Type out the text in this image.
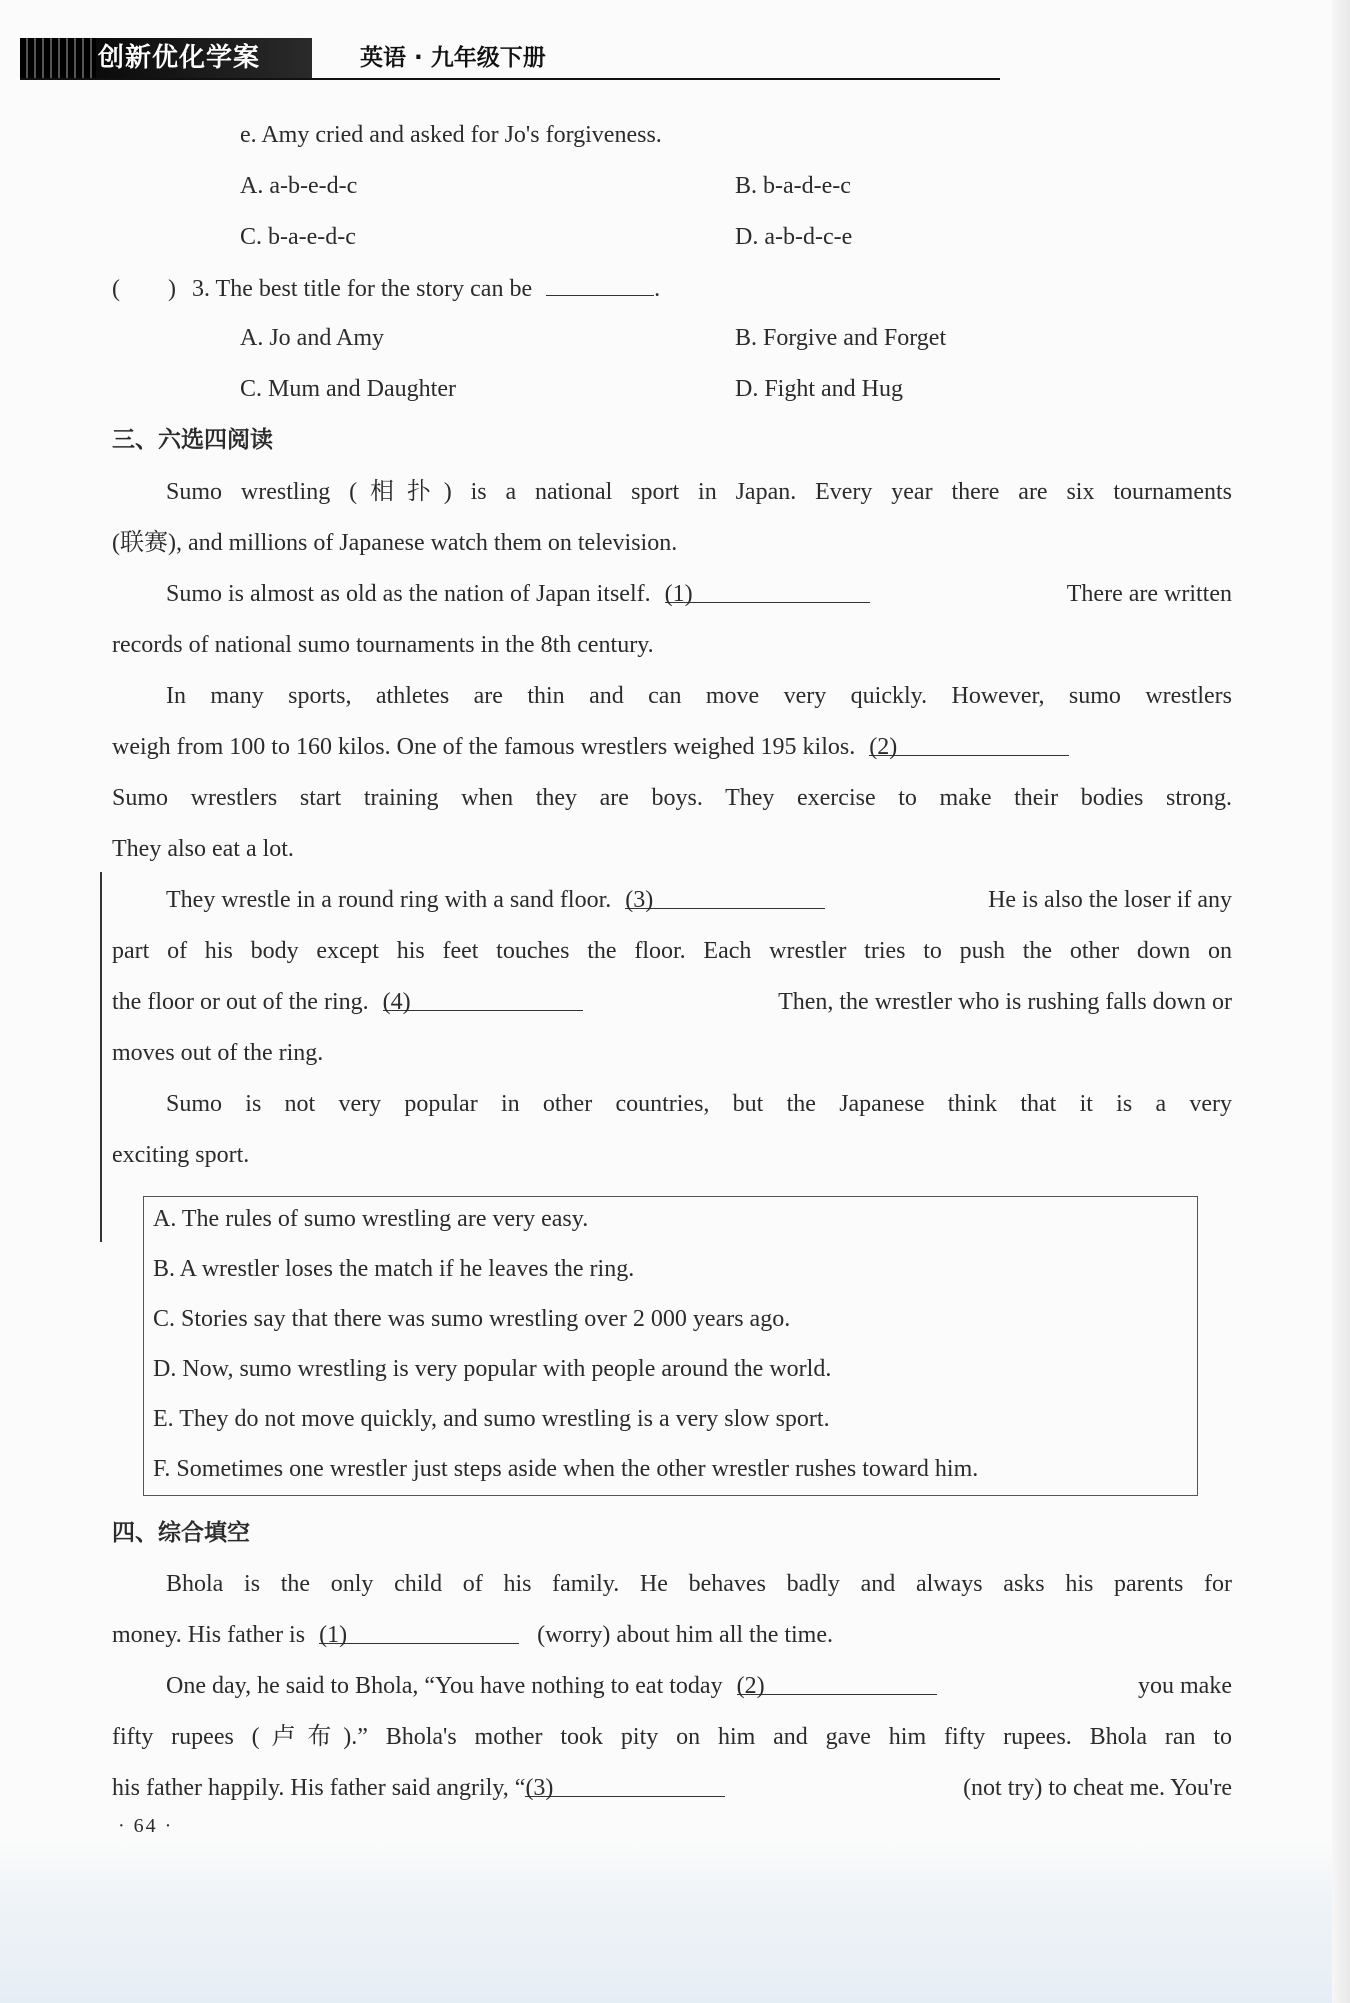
创新优化学案	英语 · 九年级下册
e. Amy cried and asked for Jo's forgiveness.
A. a-b-e-d-c	B. b-a-d-e-c
C. b-a-e-d-c	D. a-b-d-c-e
(　　) 3. The best title for the story can be	.
A. Jo and Amy	B. Forgive and Forget
C. Mum and Daughter	D. Fight and Hug
三、六选四阅读
Sumo wrestling (相扑) is a national sport in Japan. Every year there are six tournaments
(联赛), and millions of Japanese watch them on television.
Sumo is almost as old as the nation of Japan itself. (1)	There are written
records of national sumo tournaments in the 8th century.
In many sports, athletes are thin and can move very quickly. However, sumo wrestlers
weigh from 100 to 160 kilos. One of the famous wrestlers weighed 195 kilos. (2)
Sumo wrestlers start training when they are boys. They exercise to make their bodies strong.
They also eat a lot.
They wrestle in a round ring with a sand floor. (3)	He is also the loser if any
part of his body except his feet touches the floor. Each wrestler tries to push the other down on
the floor or out of the ring. (4)	Then, the wrestler who is rushing falls down or
moves out of the ring.
Sumo is not very popular in other countries, but the Japanese think that it is a very
exciting sport.
A. The rules of sumo wrestling are very easy.
B. A wrestler loses the match if he leaves the ring.
C. Stories say that there was sumo wrestling over 2 000 years ago.
D. Now, sumo wrestling is very popular with people around the world.
E. They do not move quickly, and sumo wrestling is a very slow sport.
F. Sometimes one wrestler just steps aside when the other wrestler rushes toward him.
四、综合填空
Bhola is the only child of his family. He behaves badly and always asks his parents for
money. His father is (1)	(worry) about him all the time.
One day, he said to Bhola, “You have nothing to eat today (2)	you make
fifty rupees (卢布).” Bhola's mother took pity on him and gave him fifty rupees. Bhola ran to
his father happily. His father said angrily, “(3)	(not try) to cheat me. You're
· 64 ·
